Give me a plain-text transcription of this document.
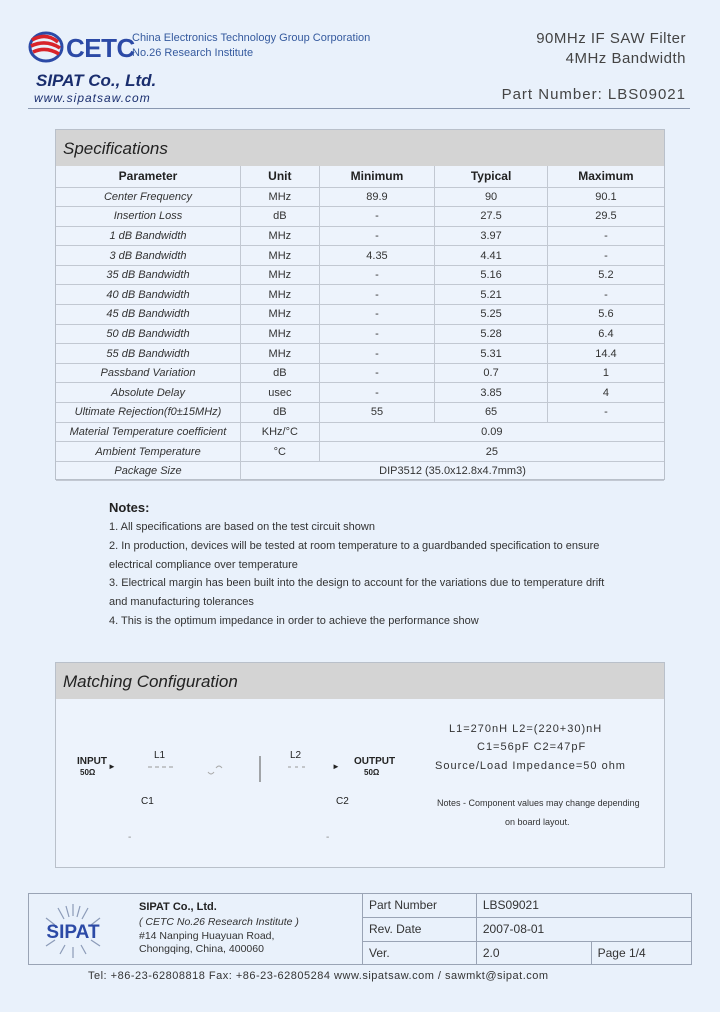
CETC
China Electronics Technology Group Corporation
No.26 Research Institute
SIPAT Co., Ltd.
www.sipatsaw.com
90MHz IF SAW Filter
4MHz Bandwidth
Part Number: LBS09021
Specifications
Parameter	Unit	Minimum	Typical	Maximum
Center Frequency	MHz	89.9	90	90.1
Insertion Loss	dB	-	27.5	29.5
1 dB Bandwidth	MHz	-	3.97	-
3 dB Bandwidth	MHz	4.35	4.41	-
35 dB Bandwidth	MHz	-	5.16	5.2
40 dB Bandwidth	MHz	-	5.21	-
45 dB Bandwidth	MHz	-	5.25	5.6
50 dB Bandwidth	MHz	-	5.28	6.4
55 dB Bandwidth	MHz	-	5.31	14.4
Passband Variation	dB	-	0.7	1
Absolute Delay	usec	-	3.85	4
Ultimate Rejection(f0±15MHz)	dB	55	65	-
Material Temperature coefficient	KHz/°C	0.09		
Ambient Temperature	°C	25		
Package Size	DIP3512 (35.0x12.8x4.7mm3)			
Notes:
1. All specifications are based on the test circuit shown
2. In production, devices will be tested at room temperature to a guardbanded specification to ensure
electrical compliance over temperature
3. Electrical margin has been built into the design to account for the variations due to temperature drift
and manufacturing tolerances
4. This is the optimum impedance in order to achieve the performance show
Matching Configuration
INPUT
50Ω
►
L1	L2
► OUTPUT
50Ω
C1	C2
-	-
L1=270nH L2=(220+30)nH
C1=56pF C2=47pF
Source/Load Impedance=50 ohm
Notes - Component values may change depending
on board layout.
SIPAT
SIPAT Co., Ltd.
( CETC No.26 Research Institute )
#14 Nanping Huayuan Road,
Chongqing, China, 400060
Part Number	LBS09021	
Rev. Date	2007-08-01	
Ver.	2.0	Page 1/4
Tel: +86-23-62808818 Fax: +86-23-62805284 www.sipatsaw.com / sawmkt@sipat.com
